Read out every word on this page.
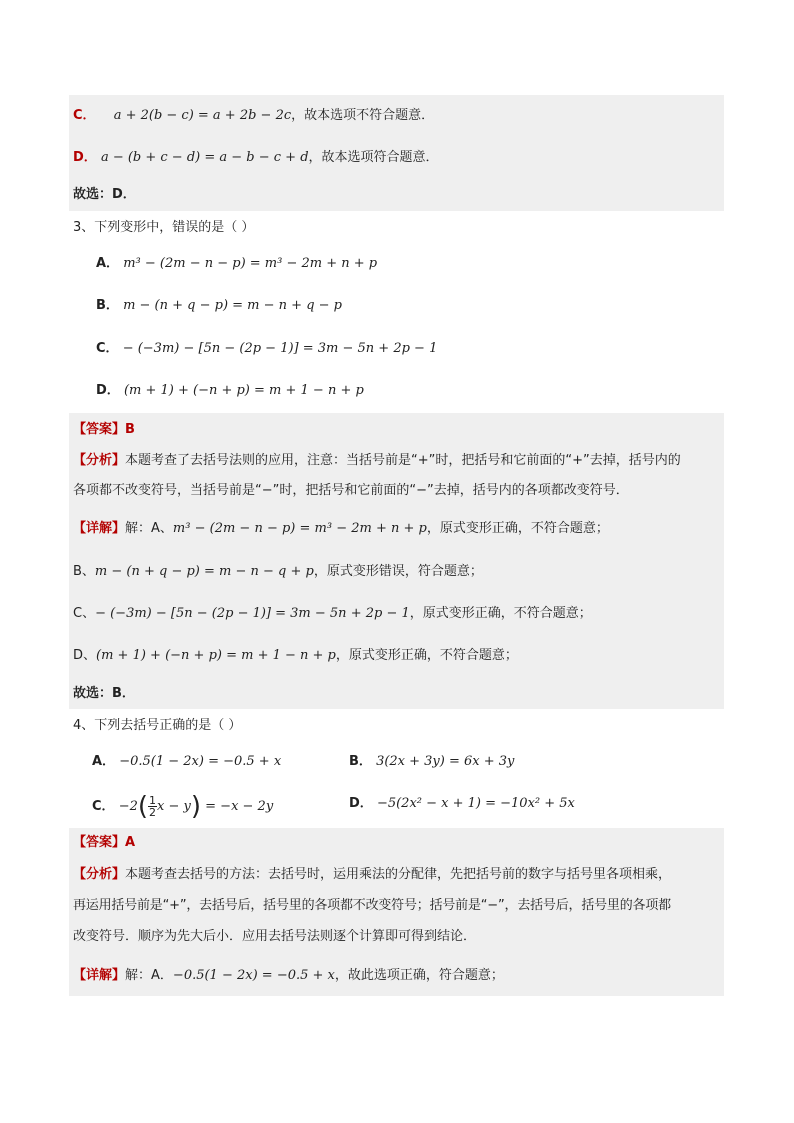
C． a + 2(b − c) = a + 2b − 2c，故本选项不符合题意．
D． a − (b + c − d) = a − b − c + d，故本选项符合题意．
故选：D．
3、下列变形中，错误的是（ ）
A． m³ − (2m − n − p) = m³ − 2m + n + p
B． m − (n + q − p) = m − n + q − p
C． − (−3m) − [5n − (2p − 1)] = 3m − 5n + 2p − 1
D． (m + 1) + (−n + p) = m + 1 − n + p
【答案】B
【分析】本题考查了去括号法则的应用，注意：当括号前是“+”时，把括号和它前面的“+”去掉，括号内的
各项都不改变符号，当括号前是“−”时，把括号和它前面的“−”去掉，括号内的各项都改变符号．
【详解】解：A、m³ − (2m − n − p) = m³ − 2m + n + p，原式变形正确，不符合题意；
B、m − (n + q − p) = m − n − q + p，原式变形错误，符合题意；
C、− (−3m) − [5n − (2p − 1)] = 3m − 5n + 2p − 1，原式变形正确，不符合题意；
D、(m + 1) + (−n + p) = m + 1 − n + p，原式变形正确，不符合题意；
故选：B．
4、下列去括号正确的是（ ）
A． −0.5(1 − 2x) = −0.5 + x	B． 3(2x + 3y) = 6x + 3y
C． $-2( \frac{1}{2}$ x − y) = −x − 2y	D． −5(2x² − x + 1) = −10x² + 5x
【答案】A
【分析】本题考查去括号的方法：去括号时，运用乘法的分配律，先把括号前的数字与括号里各项相乘，
再运用括号前是“+”，去括号后，括号里的各项都不改变符号；括号前是“−”，去括号后，括号里的各项都
改变符号．顺序为先大后小．应用去括号法则逐个计算即可得到结论．
【详解】解：A．−0.5(1 − 2x) = −0.5 + x，故此选项正确，符合题意；
